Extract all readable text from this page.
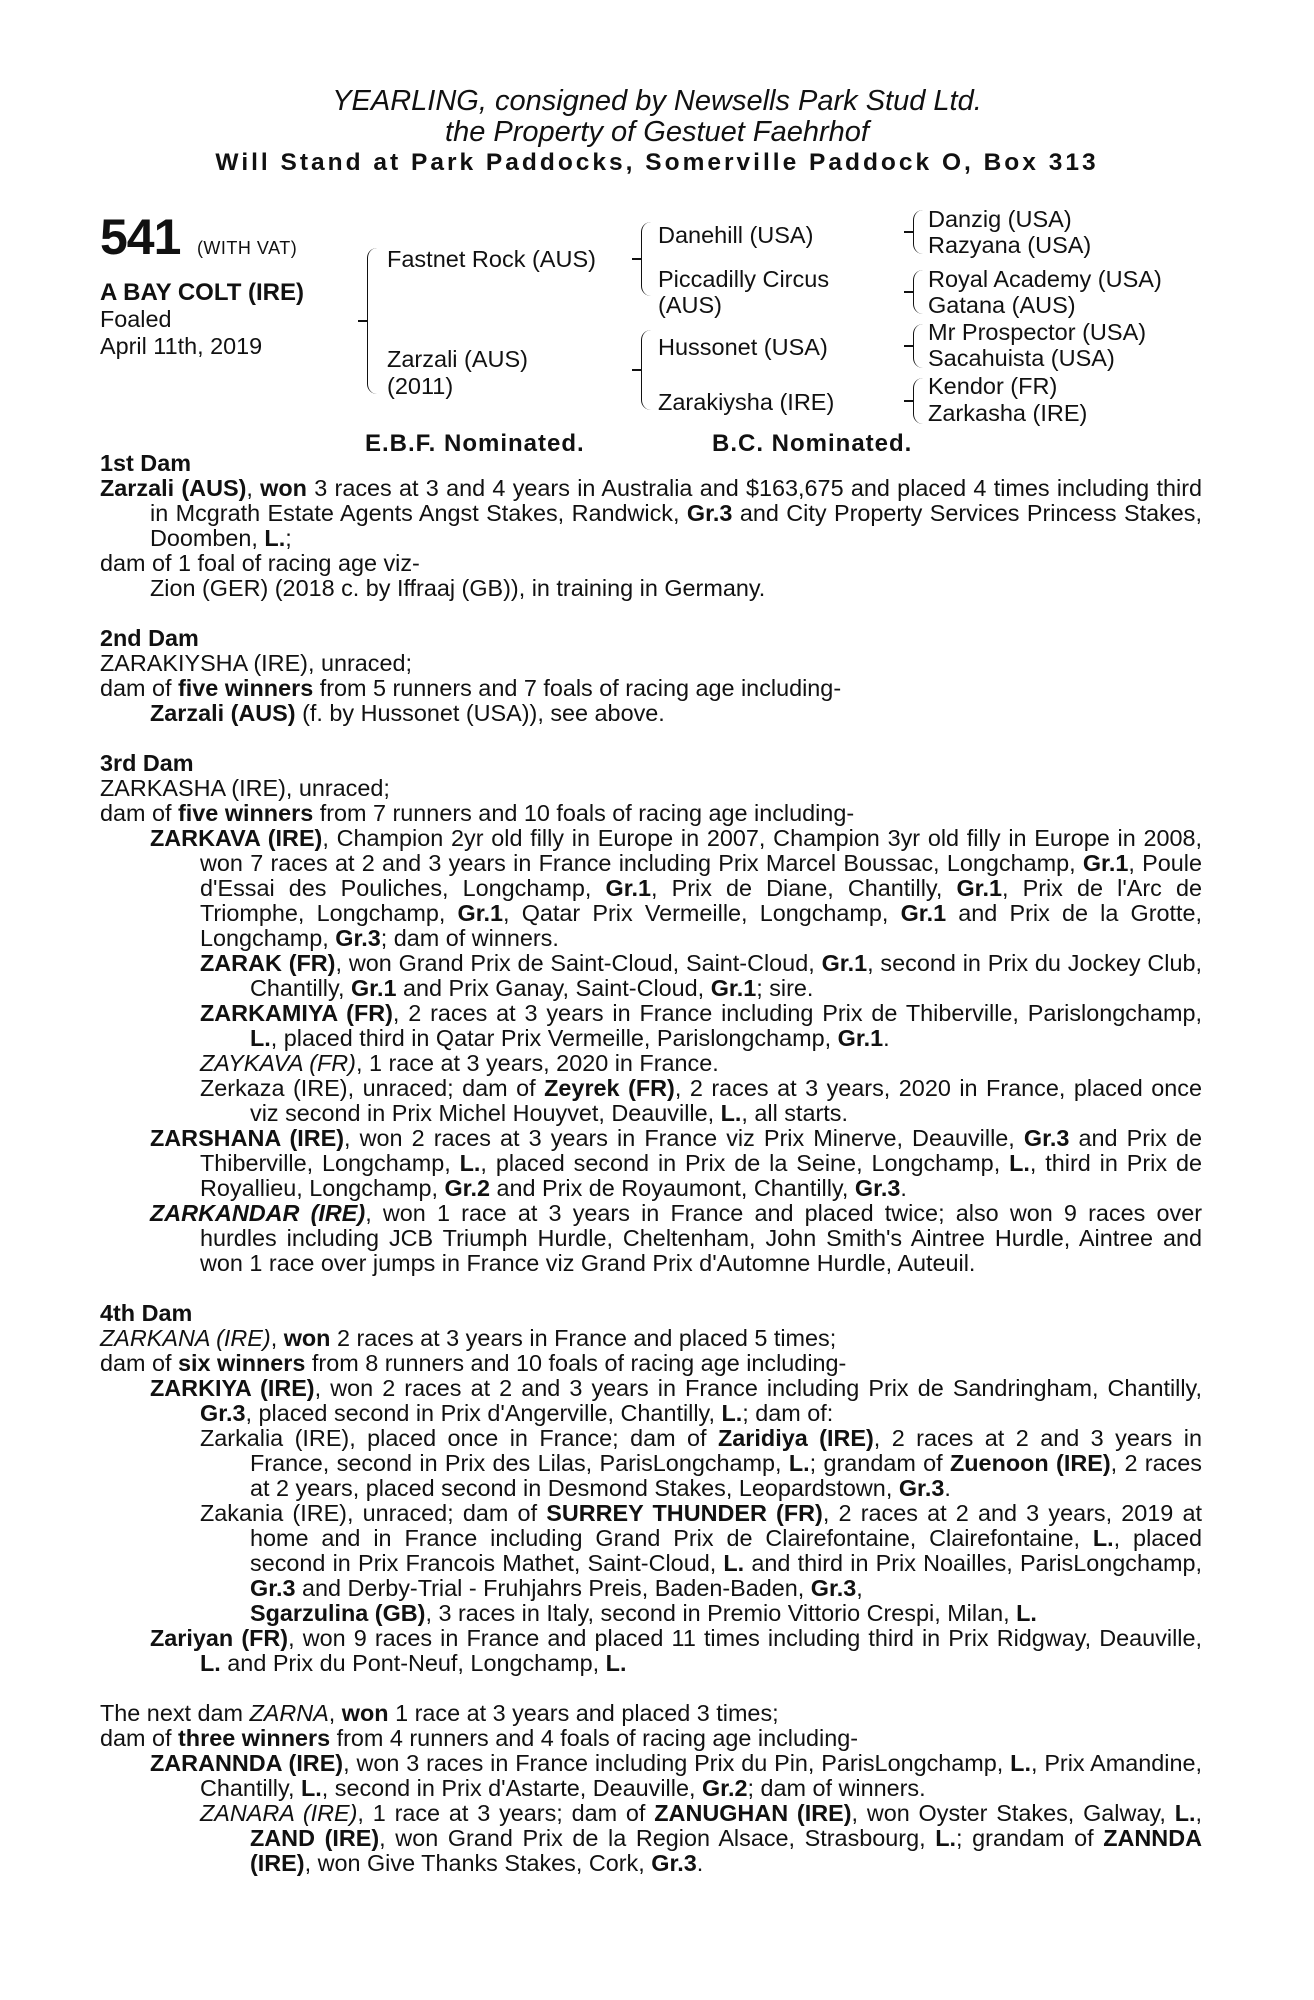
YEARLING, consigned by Newsells Park Stud Ltd.
the Property of Gestuet Faehrhof
Will Stand at Park Paddocks, Somerville Paddock O, Box 313
541 (WITH VAT)
A BAY COLT (IRE)
Foaled
April 11th, 2019
Fastnet Rock (AUS)
Zarzali (AUS)
(2011)
Danehill (USA)
Piccadilly Circus
(AUS)
Hussonet (USA)
Zarakiysha (IRE)
Danzig (USA)
Razyana (USA)
Royal Academy (USA)
Gatana (AUS)
Mr Prospector (USA)
Sacahuista (USA)
Kendor (FR)
Zarkasha (IRE)
E.B.F. Nominated.	B.C. Nominated.
1st Dam

Zarzali (AUS), won 3 races at 3 and 4 years in Australia and $163,675 and placed 4 times including third in Mcgrath Estate Agents Angst Stakes, Randwick, Gr.3 and City Property Services Princess Stakes, Doomben, L.;

dam of 1 foal of racing age viz-
Zion (GER) (2018 c. by Iffraaj (GB)), in training in Germany.
2nd Dam
ZARAKIYSHA (IRE), unraced;
dam of five winners from 5 runners and 7 foals of racing age including-
Zarzali (AUS) (f. by Hussonet (USA)), see above.
3rd Dam
ZARKASHA (IRE), unraced;
dam of five winners from 7 runners and 10 foals of racing age including-

ZARKAVA (IRE), Champion 2yr old filly in Europe in 2007, Champion 3yr old filly in Europe in 2008, won 7 races at 2 and 3 years in France including Prix Marcel Boussac, Longchamp, Gr.1, Poule d'Essai des Pouliches, Longchamp, Gr.1, Prix de Diane, Chantilly, Gr.1, Prix de l'Arc de Triomphe, Longchamp, Gr.1, Qatar Prix Vermeille, Longchamp, Gr.1 and Prix de la Grotte, Longchamp, Gr.3; dam of winners.

ZARAK (FR), won Grand Prix de Saint-Cloud, Saint-Cloud, Gr.1, second in Prix du Jockey Club, Chantilly, Gr.1 and Prix Ganay, Saint-Cloud, Gr.1; sire.

ZARKAMIYA (FR), 2 races at 3 years in France including Prix de Thiberville, Parislongchamp, L., placed third in Qatar Prix Vermeille, Parislongchamp, Gr.1.

ZAYKAVA (FR), 1 race at 3 years, 2020 in France.

Zerkaza (IRE), unraced; dam of Zeyrek (FR), 2 races at 3 years, 2020 in France, placed once viz second in Prix Michel Houyvet, Deauville, L., all starts.

ZARSHANA (IRE), won 2 races at 3 years in France viz Prix Minerve, Deauville, Gr.3 and Prix de Thiberville, Longchamp, L., placed second in Prix de la Seine, Longchamp, L., third in Prix de Royallieu, Longchamp, Gr.2 and Prix de Royaumont, Chantilly, Gr.3.

ZARKANDAR (IRE), won 1 race at 3 years in France and placed twice; also won 9 races over hurdles including JCB Triumph Hurdle, Cheltenham, John Smith's Aintree Hurdle, Aintree and won 1 race over jumps in France viz Grand Prix d'Automne Hurdle, Auteuil.

4th Dam
ZARKANA (IRE), won 2 races at 3 years in France and placed 5 times;
dam of six winners from 8 runners and 10 foals of racing age including-

ZARKIYA (IRE), won 2 races at 2 and 3 years in France including Prix de Sandringham, Chantilly, Gr.3, placed second in Prix d'Angerville, Chantilly, L.; dam of:

Zarkalia (IRE), placed once in France; dam of Zaridiya (IRE), 2 races at 2 and 3 years in France, second in Prix des Lilas, ParisLongchamp, L.; grandam of Zuenoon (IRE), 2 races at 2 years, placed second in Desmond Stakes, Leopardstown, Gr.3.

Zakania (IRE), unraced; dam of SURREY THUNDER (FR), 2 races at 2 and 3 years, 2019 at home and in France including Grand Prix de Clairefontaine, Clairefontaine, L., placed second in Prix Francois Mathet, Saint-Cloud, L. and third in Prix Noailles, ParisLongchamp, Gr.3 and Derby-Trial - Fruhjahrs Preis, Baden-Baden, Gr.3,

Sgarzulina (GB), 3 races in Italy, second in Premio Vittorio Crespi, Milan, L.

Zariyan (FR), won 9 races in France and placed 11 times including third in Prix Ridgway, Deauville, L. and Prix du Pont-Neuf, Longchamp, L.

The next dam ZARNA, won 1 race at 3 years and placed 3 times;
dam of three winners from 4 runners and 4 foals of racing age including-

ZARANNDA (IRE), won 3 races in France including Prix du Pin, ParisLongchamp, L., Prix Amandine, Chantilly, L., second in Prix d'Astarte, Deauville, Gr.2; dam of winners.

ZANARA (IRE), 1 race at 3 years; dam of ZANUGHAN (IRE), won Oyster Stakes, Galway, L., ZAND (IRE), won Grand Prix de la Region Alsace, Strasbourg, L.; grandam of ZANNDA (IRE), won Give Thanks Stakes, Cork, Gr.3.
